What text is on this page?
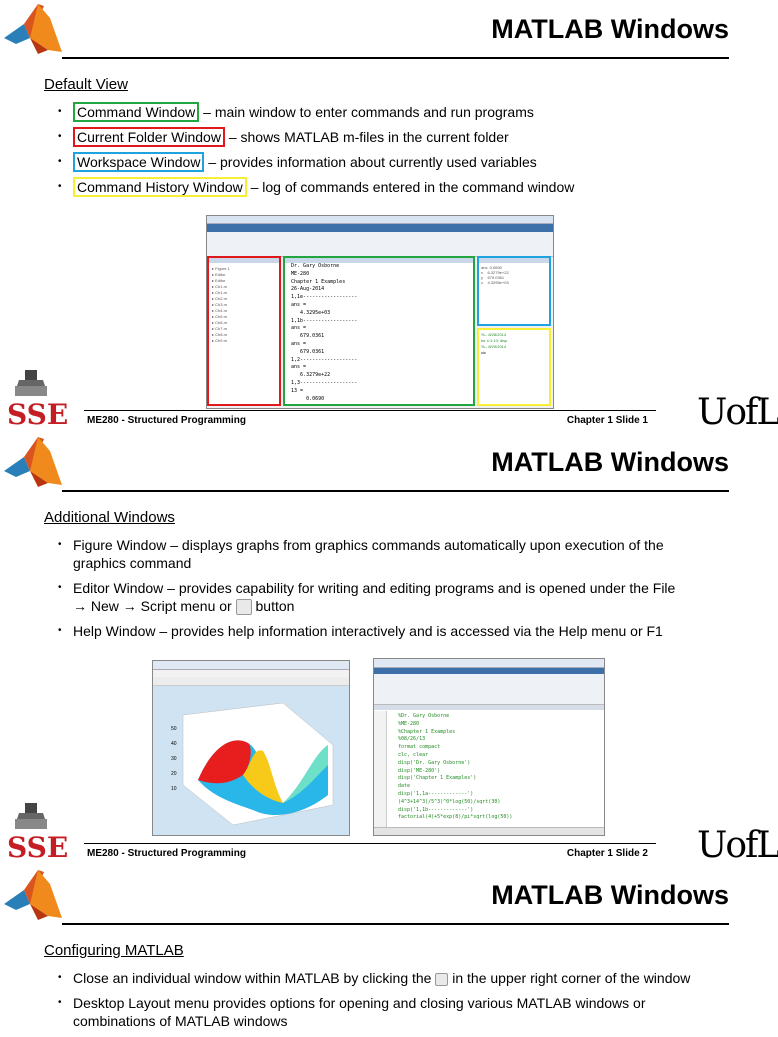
MATLAB Windows
Default View
• Command Window – main window to enter commands and run programs
• Current Folder Window – shows MATLAB m-files in the current folder
• Workspace Window – provides information about currently used variables
• Command History Window – log of commands entered in the command window
▸ Figure 1
▸ Editor
▸ Editor
▸ Ch1.m
▸ Ch1.m
▸ Ch2.m
▸ Ch3.m
▸ Ch4.m
▸ Ch5.m
▸ Ch6.m
▸ Ch7.m
▸ Ch8.m
▸ Ch9.m
Dr. Gary Osborne
ME-280
Chapter 1 Examples
26-Aug-2014
1,1e------------------
ans =
4.3295e+03
1,1b------------------
ans =
679.0361
ans =
679.0361
1,2-------------------
ans =
6.3279e+22
1,3-------------------
13 =
0.0690
ans  0.0690
x    6.3279e+22
y    679.0361
z    4.3295e+03
%-- 8/28/2014
for i=1:10; disp
%-- 8/29/2014
clc
SSE ME280 - Structured Programming	Chapter 1 Slide 1 UofL
MATLAB Windows
Additional Windows
• Figure Window – displays graphs from graphics commands automatically upon execution of the graphics command
• Editor Window – provides capability for writing and editing programs and is opened under the File → New → Script menu or button
• Help Window – provides help information interactively and is accessed via the Help menu or F1
50
40
30
20
10
%Dr. Gary Osborne
%ME-280
%Chapter 1 Examples
%08/26/13
format compact
clc, clear
disp('Dr. Gary Osborne')
disp('ME-280')
disp('Chapter 1 Examples')
date
disp('1,1a-------------')
(4^3+14^3)/5^3)^0*log(50)/sqrt(30)
disp('1,1b-------------')
factorial(4)+5*exp(8)/pi*sqrt(log(50))
SSE ME280 - Structured Programming	Chapter 1 Slide 2 UofL
MATLAB Windows
Configuring MATLAB
• Close an individual window within MATLAB by clicking the in the upper right corner of the window
• Desktop Layout menu provides options for opening and closing various MATLAB windows or combinations of MATLAB windows
